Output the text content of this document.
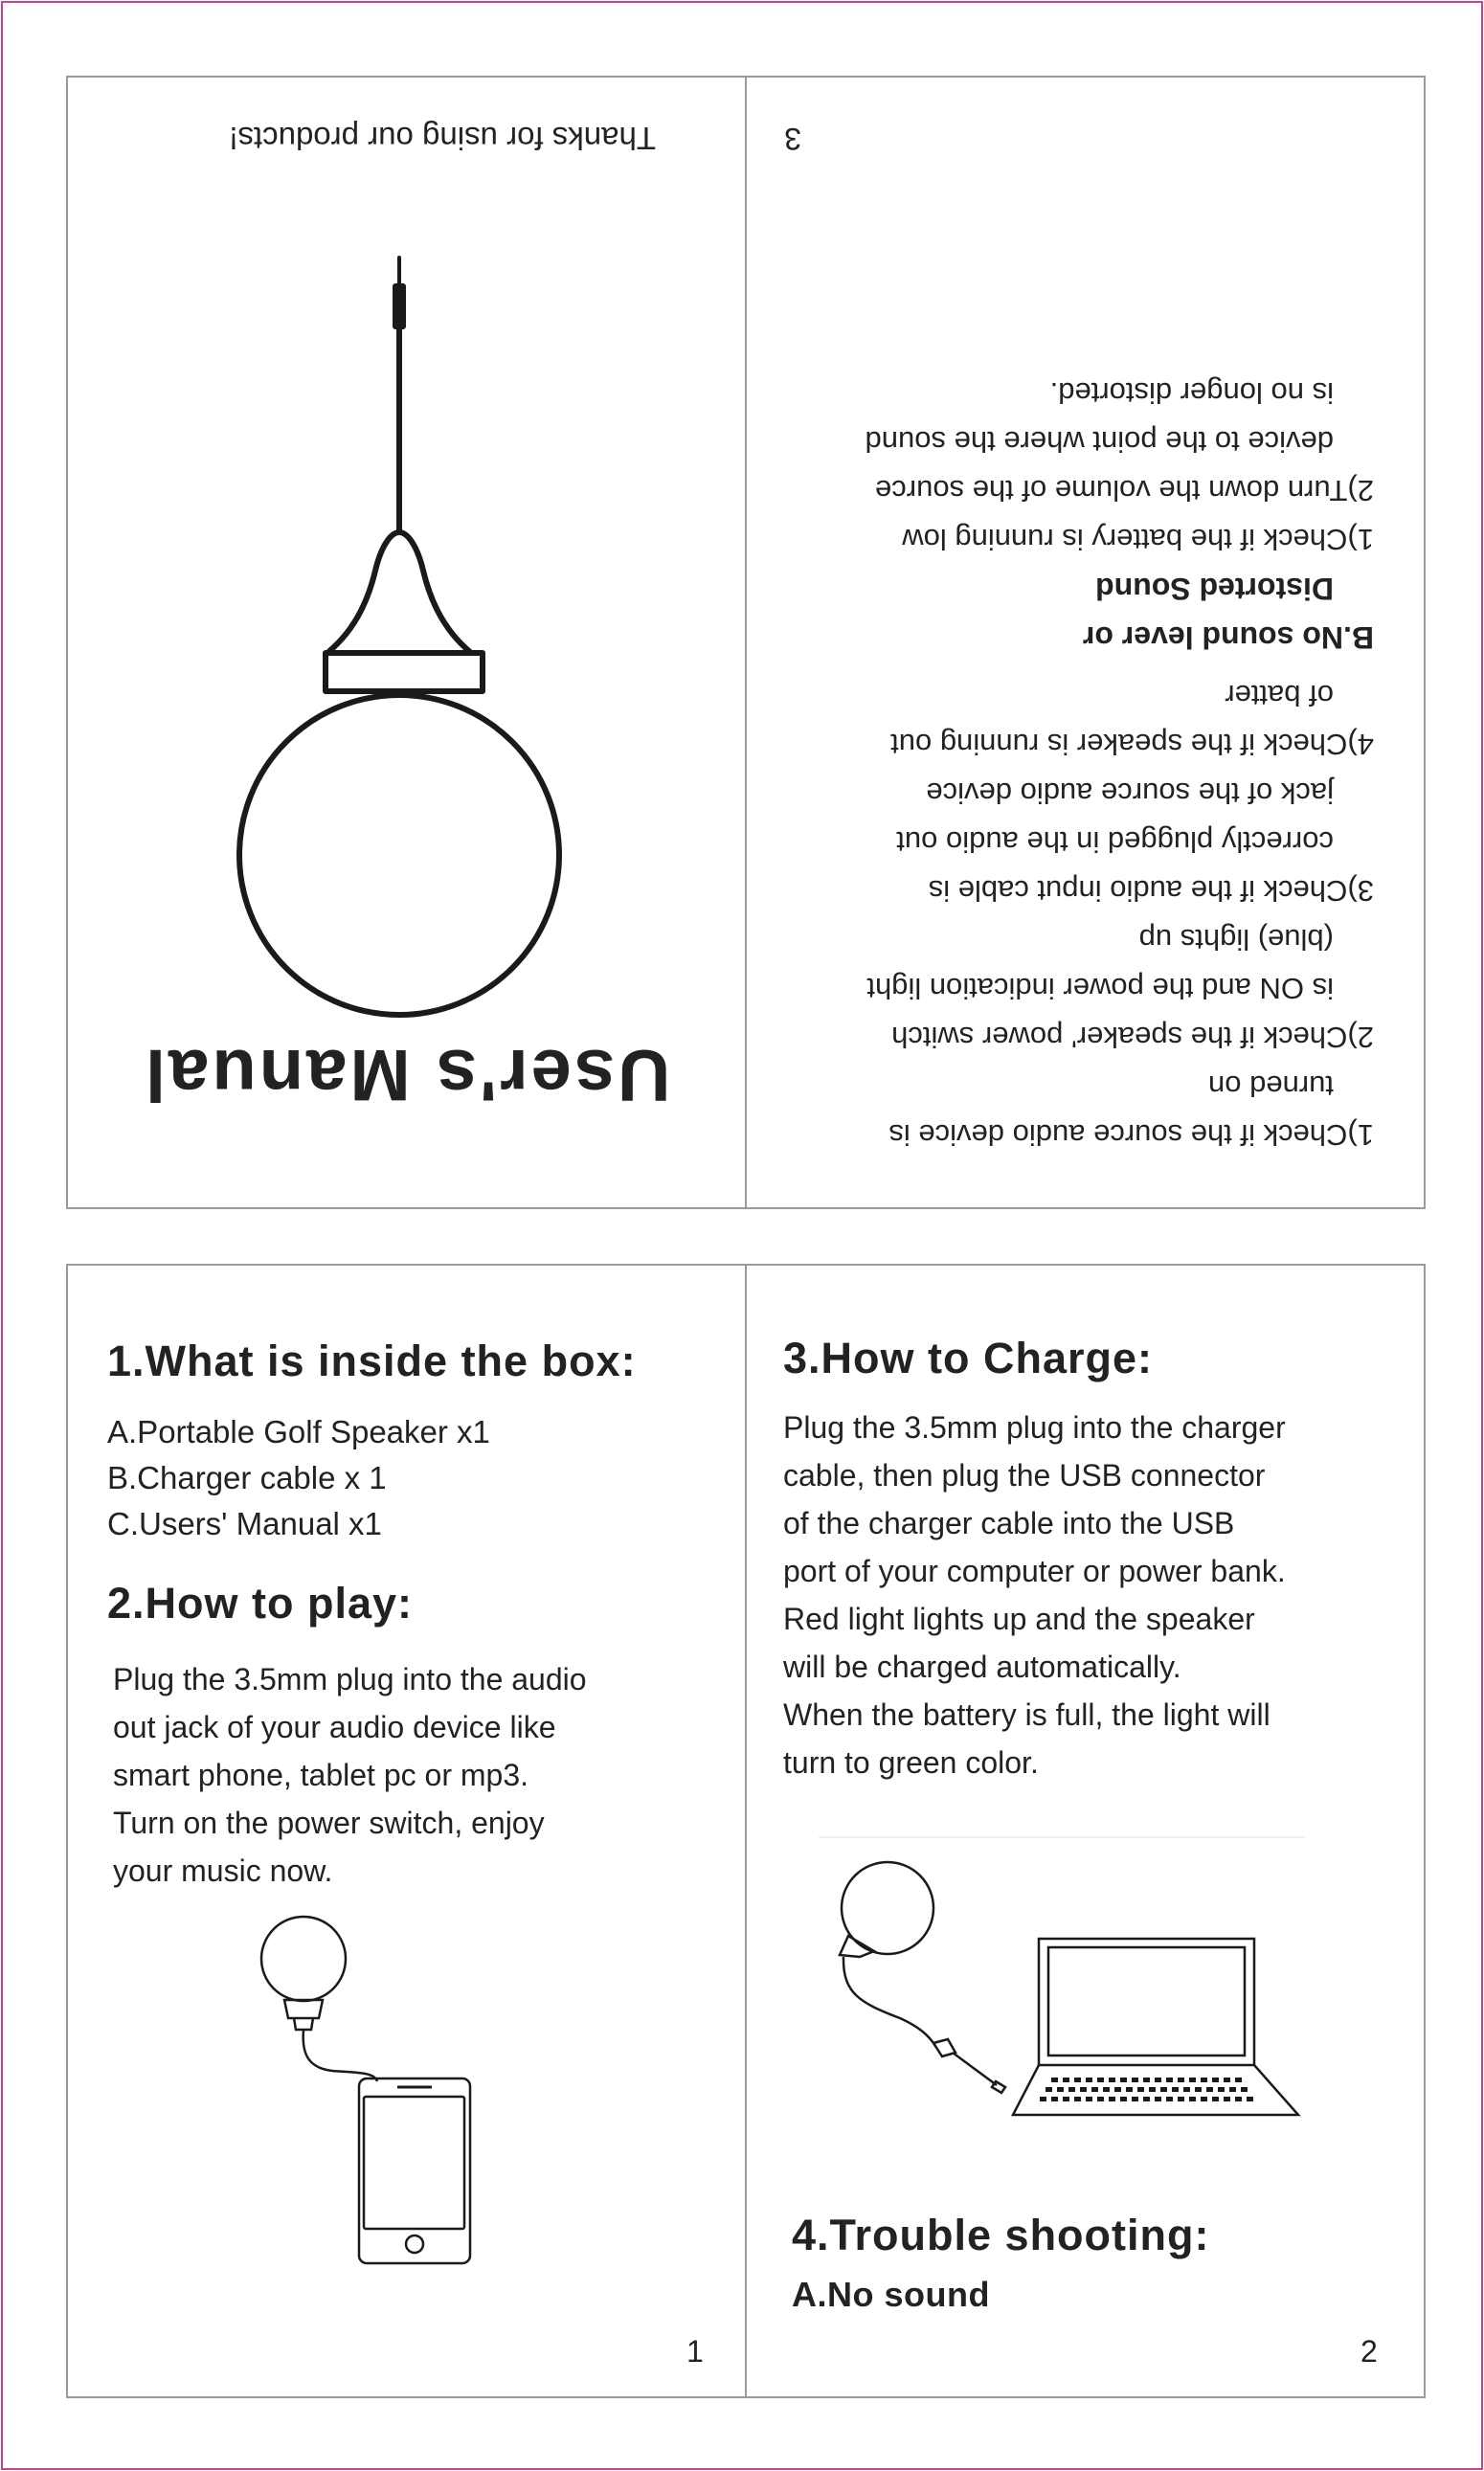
User's Manual
Thanks for using our products!
1)Check if the source audio device is
turned on
2)Check if the speaker' power switch
is ON and the power indication light
(blue) lights up
3)Check if the audio input cable is
correctly plugged in the audio out
jack of the source audio device
4)Check if the speaker is running out
of batter
B.No sound lever or
Distorted Sound
1)Check if the battery is running low
2)Turn down the volume of the source
device to the point where the sound
is no longer distorted.
3
1.What is inside the box:
A.Portable Golf Speaker x1
B.Charger cable x 1
C.Users' Manual x1
2.How to play:
Plug the 3.5mm plug into the audio
out jack of your audio device like
smart phone, tablet pc or mp3.
Turn on the power switch, enjoy
your music now.
1
3.How to Charge:
Plug the 3.5mm plug into the charger
cable, then plug the USB connector
of the charger cable into the USB
port of your computer or power bank.
Red light lights up and the speaker
will be charged automatically.
When the battery is full, the light will
turn to green color.
4.Trouble shooting:
A.No sound
2
